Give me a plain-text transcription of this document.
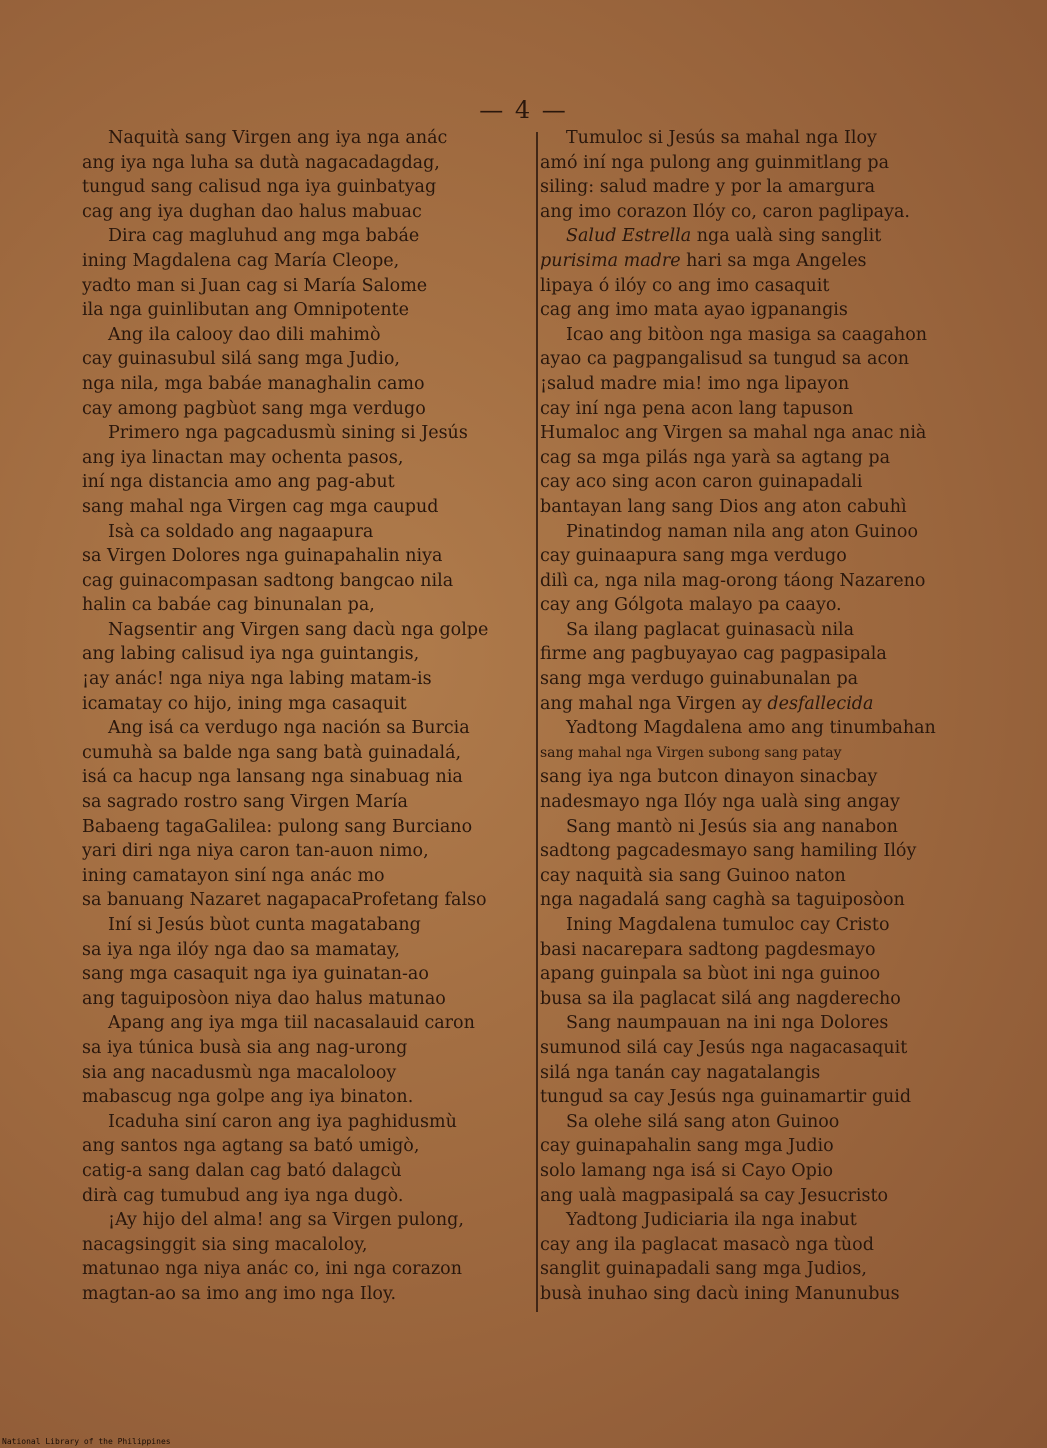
— 4 —
Naquità sang Virgen ang iya nga anác
ang iya nga luha sa dutà nagacadagdag,
tungud sang calisud nga iya guinbatyag
cag ang iya dughan dao halus mabuac
Dira cag magluhud ang mga babáe
ining Magdalena cag María Cleope,
yadto man si Juan cag si María Salome
ila nga guinlibutan ang Omnipotente
Ang ila calooy dao dili mahimò
cay guinasubul silá sang mga Judio,
nga nila, mga babáe managhalin camo
cay among pagbùot sang mga verdugo
Primero nga pagcadusmù sining si Jesús
ang iya linactan may ochenta pasos,
iní nga distancia amo ang pag-abut
sang mahal nga Virgen cag mga caupud
Isà ca soldado ang nagaapura
sa Virgen Dolores nga guinapahalin niya
cag guinacompasan sadtong bangcao nila
halin ca babáe cag binunalan pa,
Nagsentir ang Virgen sang dacù nga golpe
ang labing calisud iya nga guintangis,
¡ay anác! nga niya nga labing matam-is
icamatay co hijo, ining mga casaquit
Ang isá ca verdugo nga nación sa Burcia
cumuhà sa balde nga sang batà guinadalá,
isá ca hacup nga lansang nga sinabuag nia
sa sagrado rostro sang Virgen María
Babaeng tagaGalilea: pulong sang Burciano
yari diri nga niya caron tan-auon nimo,
ining camatayon siní nga anác mo
sa banuang Nazaret nagapacaProfetang falso
Iní si Jesús bùot cunta magatabang
sa iya nga ilóy nga dao sa mamatay,
sang mga casaquit nga iya guinatan-ao
ang taguiposòon niya dao halus matunao
Apang ang iya mga tiil nacasalauid caron
sa iya túnica busà sia ang nag-urong
sia ang nacadusmù nga macalolooy
mabascug nga golpe ang iya binaton.
Icaduha siní caron ang iya paghidusmù
ang santos nga agtang sa bató umigò,
catig-a sang dalan cag bató dalagcù
dirà cag tumubud ang iya nga dugò.
¡Ay hijo del alma! ang sa Virgen pulong,
nacagsinggit sia sing macaloloy,
matunao nga niya anác co, ini nga corazon
magtan-ao sa imo ang imo nga Iloy.
Tumuloc si Jesús sa mahal nga Iloy
amó iní nga pulong ang guinmitlang pa
siling: salud madre y por la amargura
ang imo corazon Ilóy co, caron paglipaya.
Salud Estrella nga ualà sing sanglit
purisima madre hari sa mga Angeles
lipaya ó ilóy co ang imo casaquit
cag ang imo mata ayao igpanangis
Icao ang bitòon nga masiga sa caagahon
ayao ca pagpangalisud sa tungud sa acon
¡salud madre mia! imo nga lipayon
cay iní nga pena acon lang tapuson
Humaloc ang Virgen sa mahal nga anac nià
cag sa mga pilás nga yarà sa agtang pa
cay aco sing acon caron guinapadali
bantayan lang sang Dios ang aton cabuhì
Pinatindog naman nila ang aton Guinoo
cay guinaapura sang mga verdugo
dilì ca, nga nila mag-orong táong Nazareno
cay ang Gólgota malayo pa caayo.
Sa ilang paglacat guinasacù nila
firme ang pagbuyayao cag pagpasipala
sang mga verdugo guinabunalan pa
ang mahal nga Virgen ay desfallecida
Yadtong Magdalena amo ang tinumbahan
sang mahal nga Virgen subong sang patay
sang iya nga butcon dinayon sinacbay
nadesmayo nga Ilóy nga ualà sing angay
Sang mantò ni Jesús sia ang nanabon
sadtong pagcadesmayo sang hamiling Ilóy
cay naquità sia sang Guinoo naton
nga nagadalá sang caghà sa taguiposòon
Ining Magdalena tumuloc cay Cristo
basi nacarepara sadtong pagdesmayo
apang guinpala sa bùot ini nga guinoo
busa sa ila paglacat silá ang nagderecho
Sang naumpauan na ini nga Dolores
sumunod silá cay Jesús nga nagacasaquit
silá nga tanán cay nagatalangis
tungud sa cay Jesús nga guinamartir guid
Sa olehe silá sang aton Guinoo
cay guinapahalin sang mga Judio
solo lamang nga isá si Cayo Opio
ang ualà magpasipalá sa cay Jesucristo
Yadtong Judiciaria ila nga inabut
cay ang ila paglacat masacò nga tùod
sanglit guinapadali sang mga Judios,
busà inuhao sing dacù ining Manunubus
National Library of the Philippines
